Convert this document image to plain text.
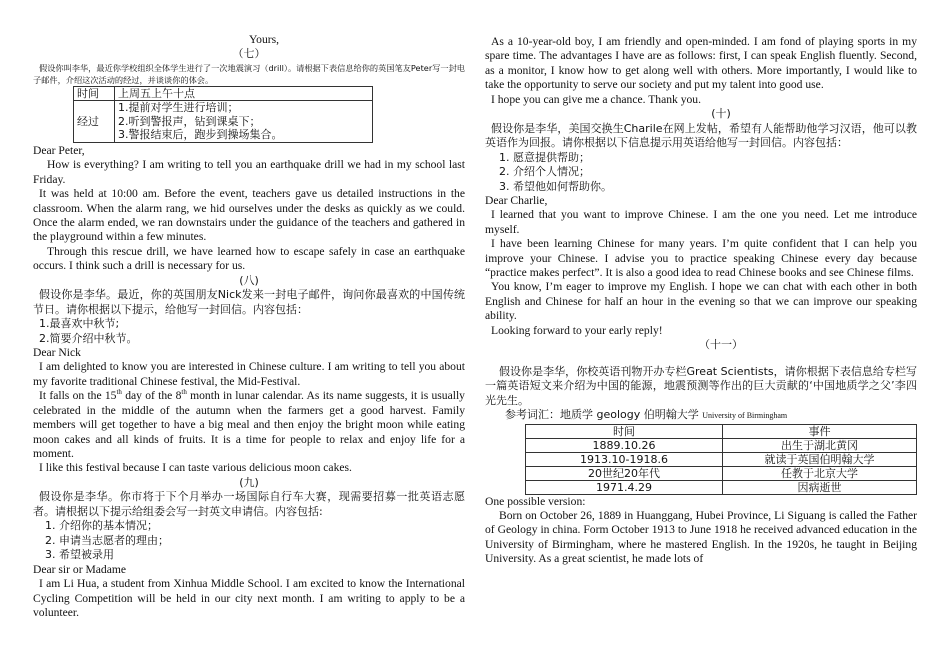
Yours,

（七）

假设你叫李华，最近你学校组织全体学生进行了一次地震演习（drill）。请根据下表信息给你的英国笔友Peter写一封电子邮件，介绍这次活动的经过，并谈谈你的体会。

时间	上周五上午十点
经过	1.提前对学生进行培训；
2.听到警报声，钻到课桌下；
3.警报结束后，跑步到操场集合。

Dear Peter,

How is everything? I am writing to tell you an earthquake drill we had in my school last Friday.

It was held at 10:00 am. Before the event, teachers gave us detailed instructions in the classroom. When the alarm rang, we hid ourselves under the desks as quickly as we could. Once the alarm ended, we ran downstairs under the guidance of the teachers and gathered in the playground within a few minutes.

Through this rescue drill, we have learned how to escape safely in case an earthquake occurs. I think such a drill is necessary for us.

(八)

假设你是李华。最近，你的英国朋友Nick发来一封电子邮件，询问你最喜欢的中国传统节日。请你根据以下提示，给他写一封回信。内容包括：

1.最喜欢中秋节;

2.简要介绍中秋节。

Dear Nick

I am delighted to know you are interested in Chinese culture. I am writing to tell you about my favorite traditional Chinese festival, the Mid-Festival.

It falls on the 15th day of the 8th month in lunar calendar. As its name suggests, it is usually celebrated in the middle of the autumn when the farmers get a good harvest. Family members will get together to have a big meal and then enjoy the bright moon while eating moon cakes and all kinds of fruits. It is a time for people to relax and enjoy life for a moment.

I like this festival because I can taste various delicious moon cakes.

(九)

假设你是李华。你市将于下个月举办一场国际自行车大赛，现需要招募一批英语志愿者。请根据以下提示给组委会写一封英文申请信。内容包括:

1. 介绍你的基本情况；

2. 申请当志愿者的理由；

3. 希望被录用

Dear sir or Madame

I am Li Hua, a student from Xinhua Middle School. I am excited to know the International Cycling Competition will be held in our city next month. I am writing to apply to be a volunteer.

As a 10-year-old boy, I am friendly and open-minded. I am fond of playing sports in my spare time. The advantages I have are as follows: first, I can speak English fluently. Second, as a monitor, I know how to get along well with others. More importantly, I would like to take the opportunity to serve our society and put my talent into good use.

I hope you can give me a chance. Thank you.

(十)

假设你是李华，美国交换生Charile在网上发帖，希望有人能帮助他学习汉语，他可以教英语作为回报。请你根据以下信息提示用英语给他写一封回信。内容包括：

1. 愿意提供帮助；

2. 介绍个人情况；

3. 希望他如何帮助你。

Dear Charlie,

I learned that you want to improve Chinese. I am the one you need. Let me introduce myself.

I have been learning Chinese for many years. I’m quite confident that I can help you improve your Chinese. I advise you to practice speaking Chinese every day because “practice makes perfect”. It is also a good idea to read Chinese books and see Chinese films.

You know, I’m eager to improve my English. I hope we can chat with each other in both English and Chinese for half an hour in the evening so that we can improve our speaking ability.

Looking forward to your early reply!

（十一）

假设你是李华，你校英语刊物开办专栏Great Scientists，请你根据下表信息给专栏写一篇英语短文来介绍为中国的能源，地震预测等作出的巨大贡献的‘中国地质学之父’李四光先生。

参考词汇：地质学 geology 伯明翰大学 University of Birmingham

时间	事件
1889.10.26	出生于湖北黄冈
1913.10-1918.6	就读于英国伯明翰大学
20世纪20年代	任教于北京大学
1971.4.29	因病逝世

One possible version:

Born on October 26, 1889 in Huanggang, Hubei Province, Li Siguang is called the Father of Geology in china. Form October 1913 to June 1918 he received advanced education in the University of Birmingham, where he mastered English. In the 1920s, he taught in Beijing University. As a great scientist, he made lots of
